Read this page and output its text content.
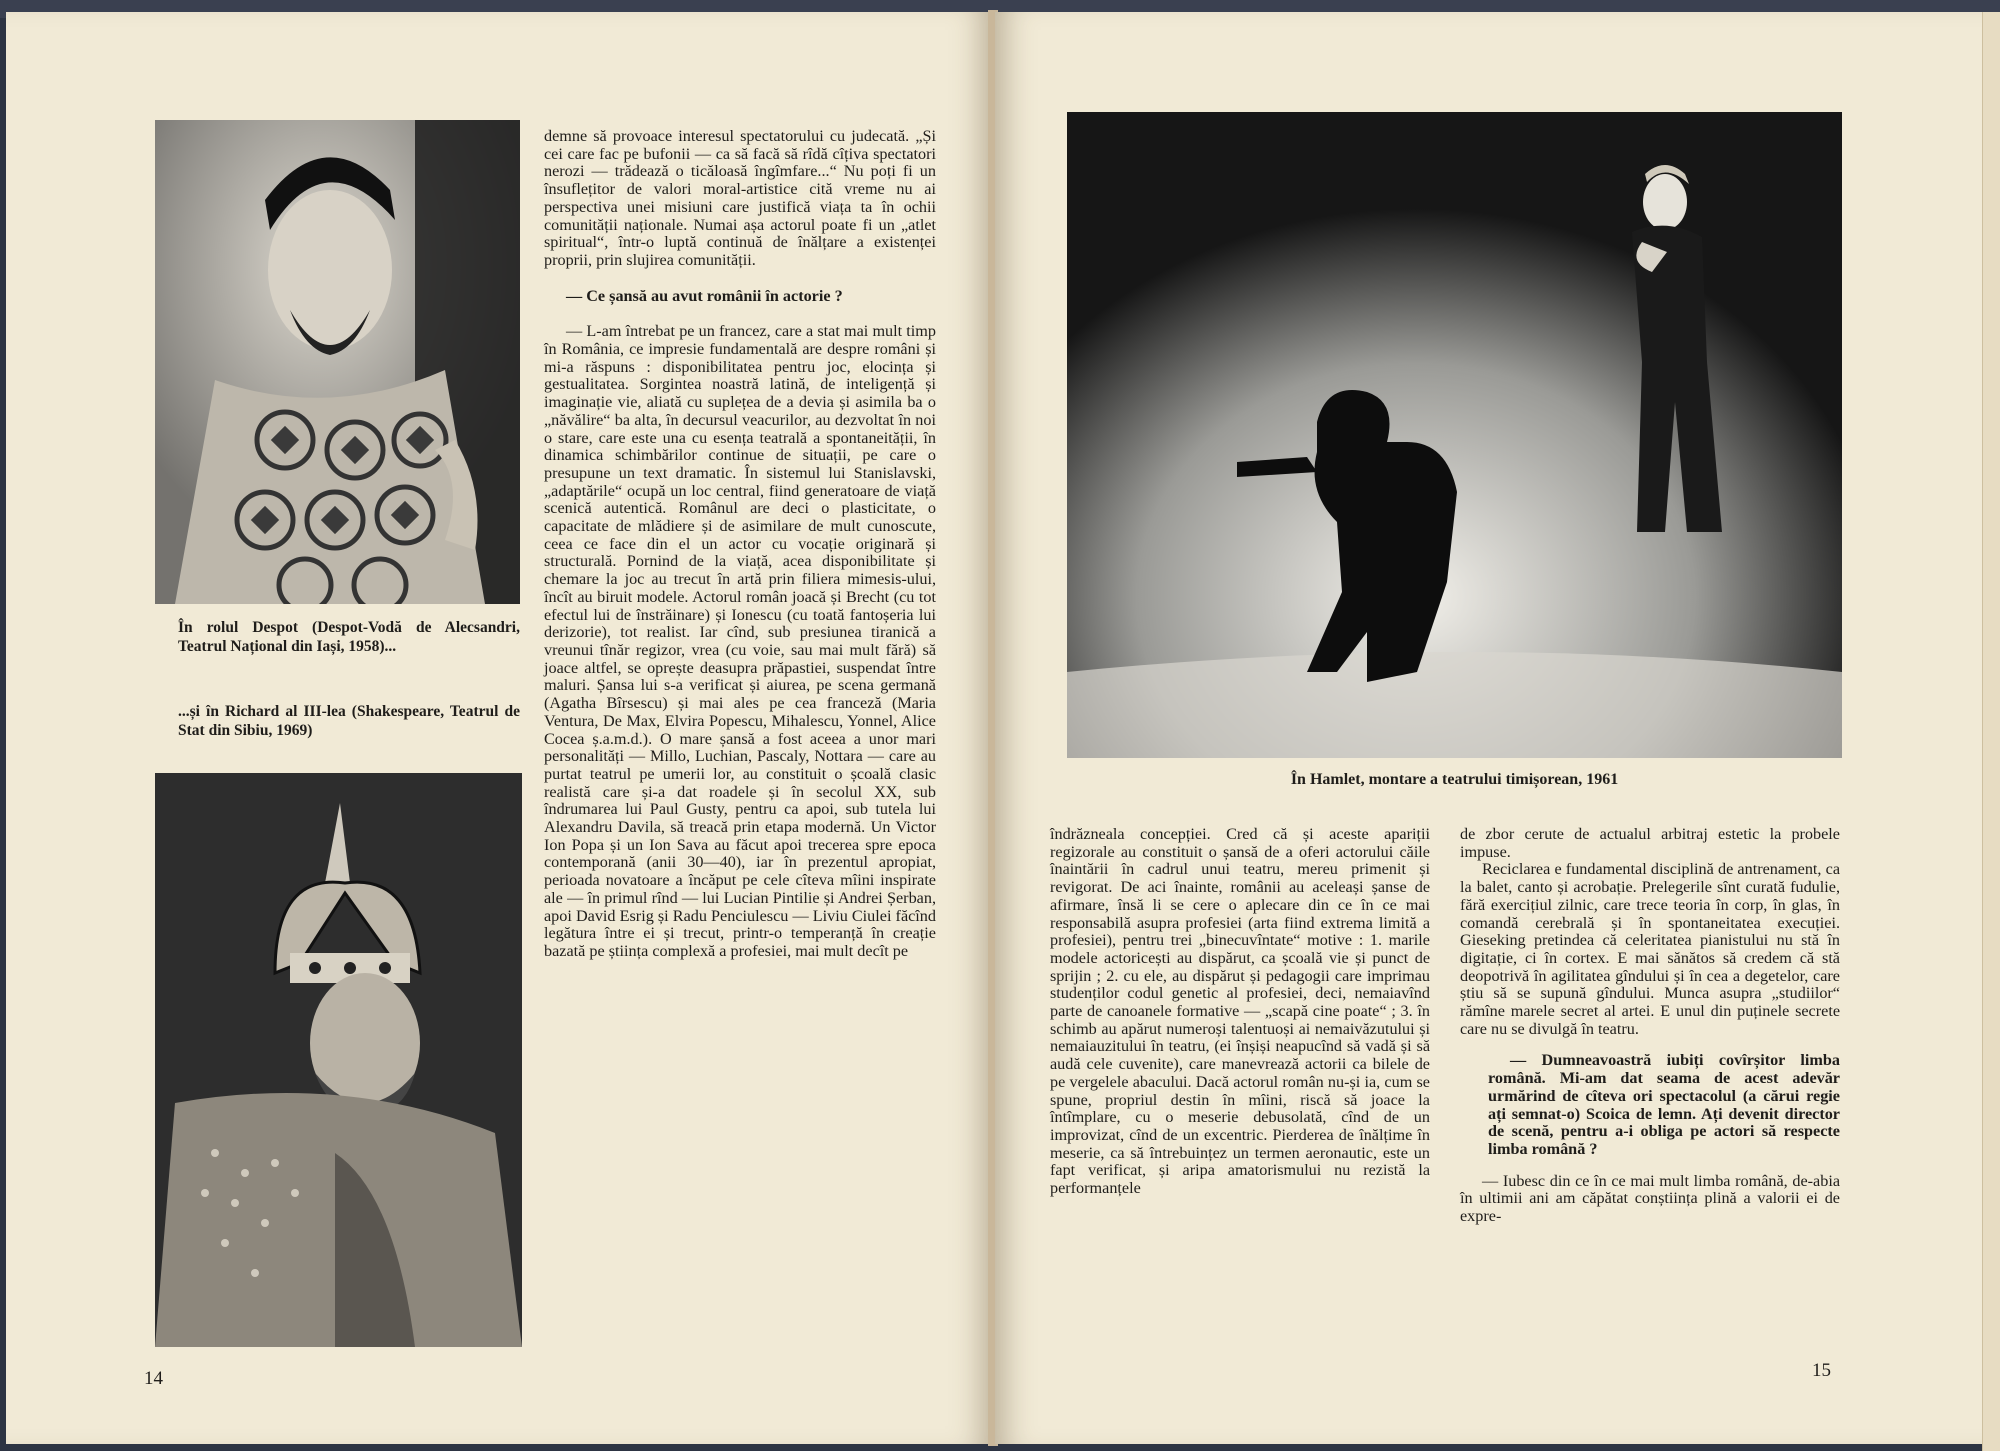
În rolul Despot (Despot-Vodă de Alecsandri, Teatrul Național din Iași, 1958)...
...și în Richard al III-lea (Shakespeare, Teatrul de Stat din Sibiu, 1969)

demne să provoace interesul spectatorului cu judecată. „Și cei care fac pe bufonii — ca să facă să rîdă cîțiva spectatori nerozi — trădează o ticăloasă îngîmfare...“ Nu poți fi un însuflețitor de valori moral-artistice cită vreme nu ai perspectiva unei misiuni care justifică viața ta în ochii comunității naționale. Numai așa actorul poate fi un „atlet spiritual“, într-o luptă continuă de înălțare a existenței proprii, prin slujirea comunității.

— Ce șansă au avut românii în actorie ?

— L-am întrebat pe un francez, care a stat mai mult timp în România, ce impresie fundamentală are despre români și mi-a răspuns : disponibilitatea pentru joc, elocința și gestualitatea. Sorgintea noastră latină, de inteligență și imaginație vie, aliată cu suplețea de a devia și asimila ba o „năvălire“ ba alta, în decursul veacurilor, au dezvoltat în noi o stare, care este una cu esența teatrală a spontaneității, în dinamica schimbărilor continue de situații, pe care o presupune un text dramatic. În sistemul lui Stanislavski, „adaptările“ ocupă un loc central, fiind generatoare de viață scenică autentică. Românul are deci o plasticitate, o capacitate de mlădiere și de asimilare de mult cunoscute, ceea ce face din el un actor cu vocație originară și structurală. Pornind de la viață, acea disponibilitate și chemare la joc au trecut în artă prin filiera mimesis-ului, încît au biruit modele. Actorul român joacă și Brecht (cu tot efectul lui de înstrăinare) și Ionescu (cu toată fantoșeria lui derizorie), tot realist. Iar cînd, sub presiunea tiranică a vreunui tînăr regizor, vrea (cu voie, sau mai mult fără) să joace altfel, se oprește deasupra prăpastiei, suspendat între maluri. Șansa lui s-a verificat și aiurea, pe scena germană (Agatha Bîrsescu) și mai ales pe cea franceză (Maria Ventura, De Max, Elvira Popescu, Mihalescu, Yonnel, Alice Cocea ș.a.m.d.). O mare șansă a fost aceea a unor mari personalități — Millo, Luchian, Pascaly, Nottara — care au purtat teatrul pe umerii lor, au constituit o școală clasic realistă care și-a dat roadele și în secolul XX, sub îndrumarea lui Paul Gusty, pentru ca apoi, sub tutela lui Alexandru Davila, să treacă prin etapa modernă. Un Victor Ion Popa și un Ion Sava au făcut apoi trecerea spre epoca contemporană (anii 30—40), iar în prezentul apropiat, perioada novatoare a încăput pe cele cîteva mîini inspirate ale — în primul rînd — lui Lucian Pintilie și Andrei Șerban, apoi David Esrig și Radu Penciulescu — Liviu Ciulei făcînd legătura între ei și trecut, printr-o temperanță în creație bazată pe știința complexă a profesiei, mai mult decît pe

14
În Hamlet, montare a teatrului timișorean, 1961

îndrăzneala concepției. Cred că și aceste apariții regizorale au constituit o șansă de a oferi actorului căile înaintării în cadrul unui teatru, mereu primenit și revigorat. De aci înainte, românii au aceleași șanse de afirmare, însă li se cere o aplecare din ce în ce mai responsabilă asupra profesiei (arta fiind extrema limită a profesiei), pentru trei „binecuvîntate“ motive : 1. marile modele actoricești au dispărut, ca școală vie și punct de sprijin ; 2. cu ele, au dispărut și pedagogii care imprimau studenților codul genetic al profesiei, deci, nemaiavînd parte de canoanele formative — „scapă cine poate“ ; 3. în schimb au apărut numeroși talentuoși ai nemaivăzutului și nemaiauzitului în teatru, (ei înșiși neapucînd să vadă și să audă cele cuvenite), care manevrează actorii ca bilele de pe vergelele abacului. Dacă actorul român nu-și ia, cum se spune, propriul destin în mîini, riscă să joace la întîmplare, cu o meserie debusolată, cînd de un improvizat, cînd de un excentric. Pierderea de înălțime în meserie, ca să întrebuințez un termen aeronautic, este un fapt verificat, și aripa amatorismului nu rezistă la performanțele

de zbor cerute de actualul arbitraj estetic la probele impuse.

Reciclarea e fundamental disciplină de antrenament, ca la balet, canto și acrobație. Prelegerile sînt curată fudulie, fără exercițiul zilnic, care trece teoria în corp, în glas, în comandă cerebrală și în spontaneitatea execuției. Gieseking pretindea că celeritatea pianistului nu stă în digitație, ci în cortex. E mai sănătos să credem că stă deopotrivă în agilitatea gîndului și în cea a degetelor, care știu să se supună gîndului. Munca asupra „studiilor“ rămîne marele secret al artei. E unul din puținele secrete care nu se divulgă în teatru.

— Dumneavoastră iubiți covîrșitor limba română. Mi-am dat seama de acest adevăr urmărind de cîteva ori spectacolul (a cărui regie ați semnat-o) Scoica de lemn. Ați devenit director de scenă, pentru a-i obliga pe actori să respecte limba română ?

— Iubesc din ce în ce mai mult limba română, de-abia în ultimii ani am căpătat conștiința plină a valorii ei de expre-

15
